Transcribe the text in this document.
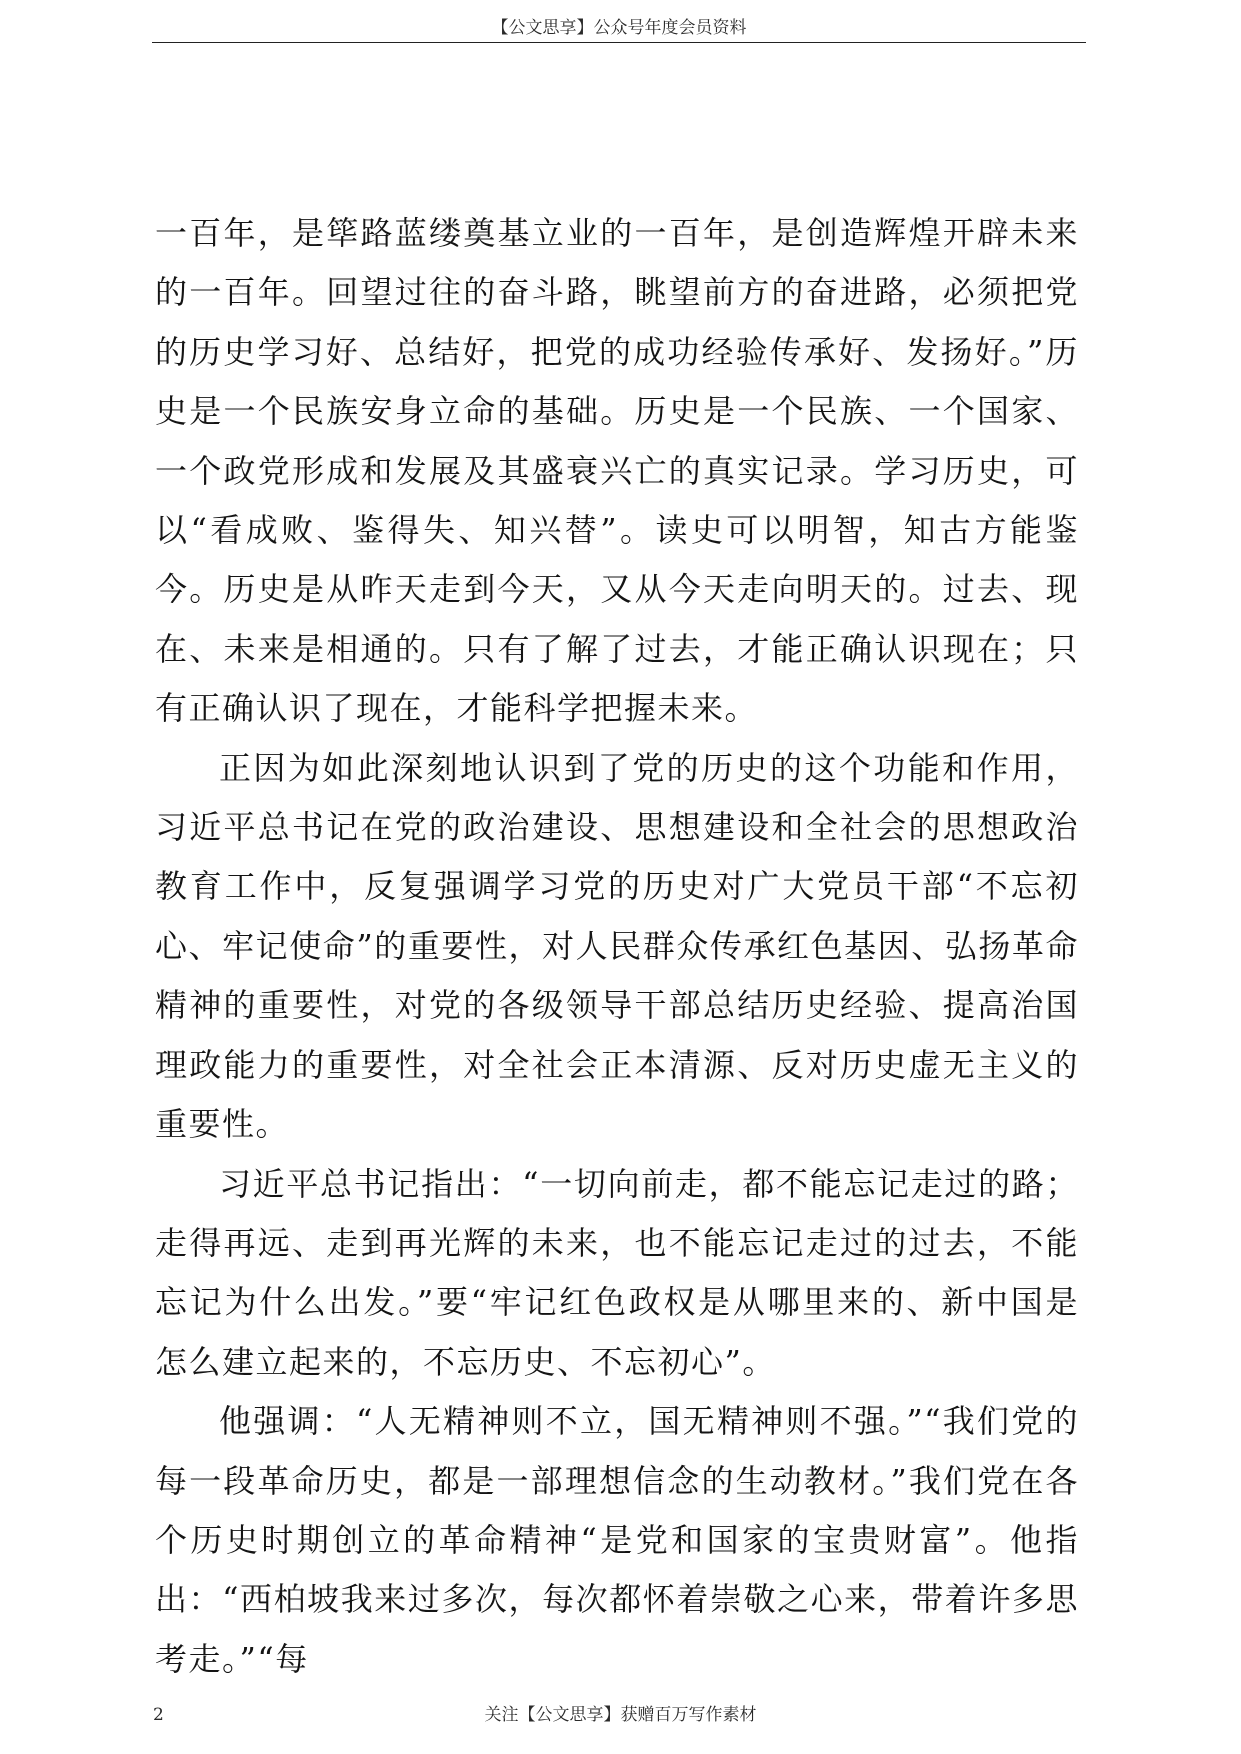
【公文思享】公众号年度会员资料

一百年，是筚路蓝缕奠基立业的一百年，是创造辉煌开辟未来的一百年。回望过往的奋斗路，眺望前方的奋进路，必须把党的历史学习好、总结好，把党的成功经验传承好、发扬好。”历史是一个民族安身立命的基础。历史是一个民族、一个国家、一个政党形成和发展及其盛衰兴亡的真实记录。学习历史，可以“看成败、鉴得失、知兴替”。读史可以明智，知古方能鉴今。历史是从昨天走到今天，又从今天走向明天的。过去、现在、未来是相通的。只有了解了过去，才能正确认识现在；只有正确认识了现在，才能科学把握未来。

正因为如此深刻地认识到了党的历史的这个功能和作用，习近平总书记在党的政治建设、思想建设和全社会的思想政治教育工作中，反复强调学习党的历史对广大党员干部“不忘初心、牢记使命”的重要性，对人民群众传承红色基因、弘扬革命精神的重要性，对党的各级领导干部总结历史经验、提高治国理政能力的重要性，对全社会正本清源、反对历史虚无主义的重要性。

习近平总书记指出：“一切向前走，都不能忘记走过的路；走得再远、走到再光辉的未来，也不能忘记走过的过去，不能忘记为什么出发。”要“牢记红色政权是从哪里来的、新中国是怎么建立起来的，不忘历史、不忘初心”。

他强调：“人无精神则不立，国无精神则不强。”“我们党的每一段革命历史，都是一部理想信念的生动教材。”我们党在各个历史时期创立的革命精神“是党和国家的宝贵财富”。他指出：“西柏坡我来过多次，每次都怀着崇敬之心来，带着许多思考走。”“每

2	关注【公文思享】获赠百万写作素材
